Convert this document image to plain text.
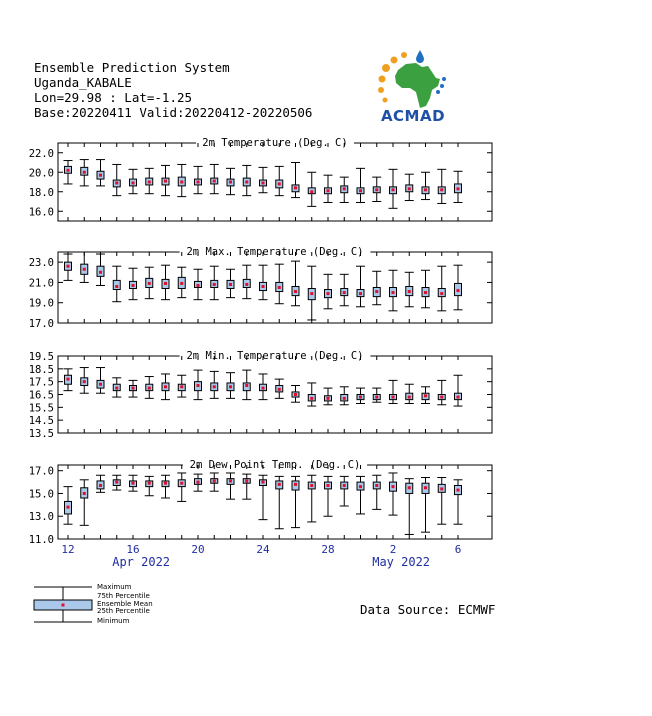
Ensemble Prediction System
Uganda_KABALE
Lon=29.98 : Lat=-1.25
Base:20220411 Valid:20220412-20220506	ACMAD
2m Temperature (Deg. C)
16.0
18.0
20.0
22.0
2m Max. Temperature (Deg. C)
17.0
19.0
21.0
23.0
2m Min. Temperature (Deg. C)
13.5
14.5
15.5
16.5
17.5
18.5
19.5
2m Dew Point Temp. (Deg. C)
11.0
13.0
15.0
17.0
12	16	20	24	28	2	6
Apr 2022	May 2022
Maximum
75th Percentile
Ensemble Mean
25th Percentile
Minimum
Data Source: ECMWF
